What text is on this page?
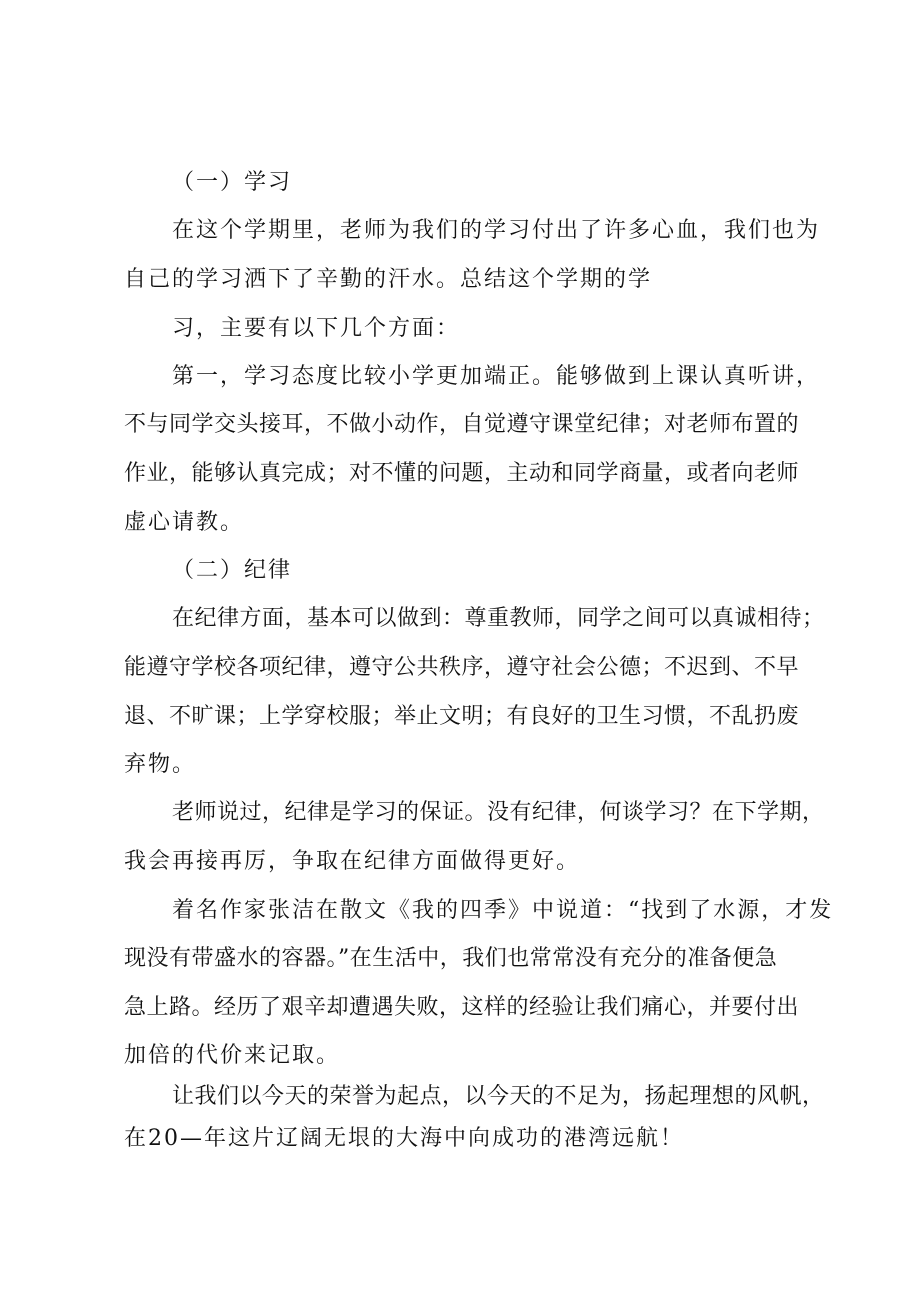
（一）学习
在这个学期里，老师为我们的学习付出了许多心血，我们也为
自己的学习洒下了辛勤的汗水。总结这个学期的学
习，主要有以下几个方面：
第一，学习态度比较小学更加端正。能够做到上课认真听讲，
不与同学交头接耳，不做小动作，自觉遵守课堂纪律；对老师布置的
作业，能够认真完成；对不懂的问题，主动和同学商量，或者向老师
虚心请教。
（二）纪律
在纪律方面，基本可以做到：尊重教师，同学之间可以真诚相待；
能遵守学校各项纪律，遵守公共秩序，遵守社会公德；不迟到、不早
退、不旷课；上学穿校服；举止文明；有良好的卫生习惯，不乱扔废
弃物。
老师说过，纪律是学习的保证。没有纪律，何谈学习？在下学期，
我会再接再厉，争取在纪律方面做得更好。
着名作家张洁在散文《我的四季》中说道：“找到了水源，才发
现没有带盛水的容器。”在生活中，我们也常常没有充分的准备便急
急上路。经历了艰辛却遭遇失败，这样的经验让我们痛心，并要付出
加倍的代价来记取。
让我们以今天的荣誉为起点，以今天的不足为，扬起理想的风帆，
在20—年这片辽阔无垠的大海中向成功的港湾远航！
